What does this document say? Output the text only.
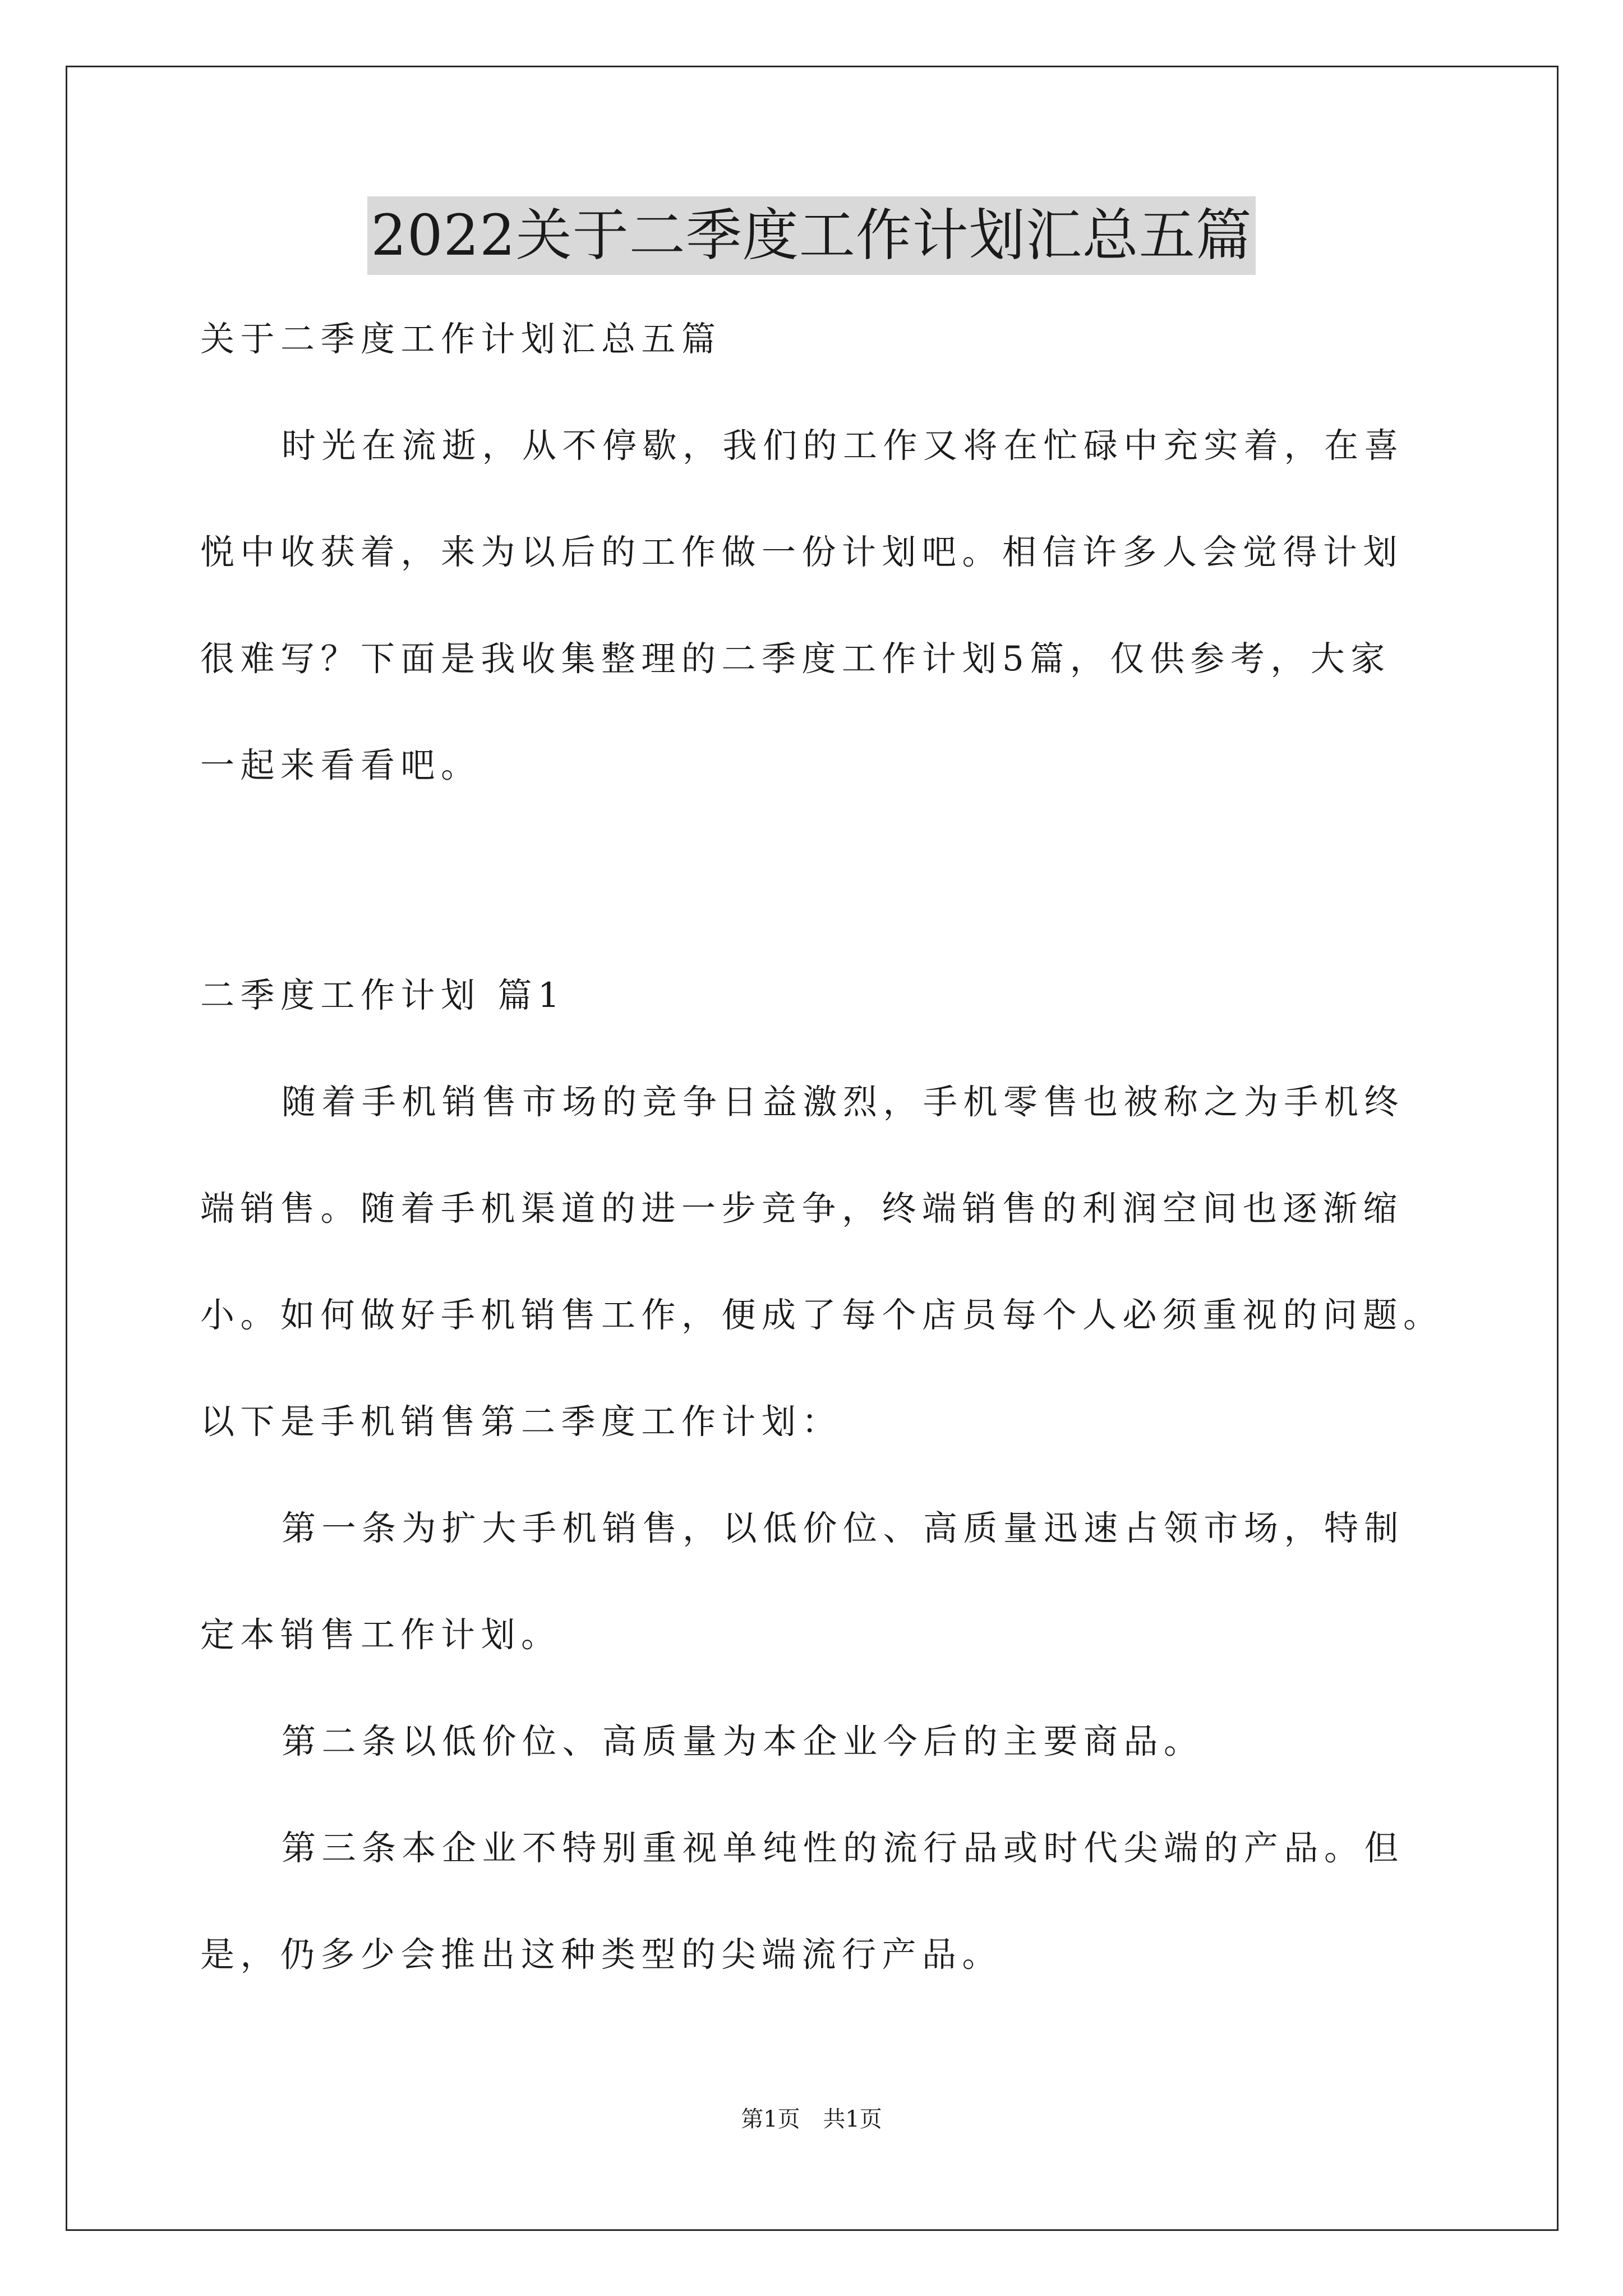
2022关于二季度工作计划汇总五篇

关于二季度工作计划汇总五篇

时光在流逝，从不停歇，我们的工作又将在忙碌中充实着，在喜

悦中收获着，来为以后的工作做一份计划吧。相信许多人会觉得计划

很难写？下面是我收集整理的二季度工作计划5篇，仅供参考，大家

一起来看看吧。

二季度工作计划 篇1

随着手机销售市场的竞争日益激烈，手机零售也被称之为手机终

端销售。随着手机渠道的进一步竞争，终端销售的利润空间也逐渐缩

小。如何做好手机销售工作，便成了每个店员每个人必须重视的问题。

以下是手机销售第二季度工作计划：

第一条为扩大手机销售，以低价位、高质量迅速占领市场，特制

定本销售工作计划。

第二条以低价位、高质量为本企业今后的主要商品。

第三条本企业不特别重视单纯性的流行品或时代尖端的产品。但

是，仍多少会推出这种类型的尖端流行产品。

第1页 共1页
